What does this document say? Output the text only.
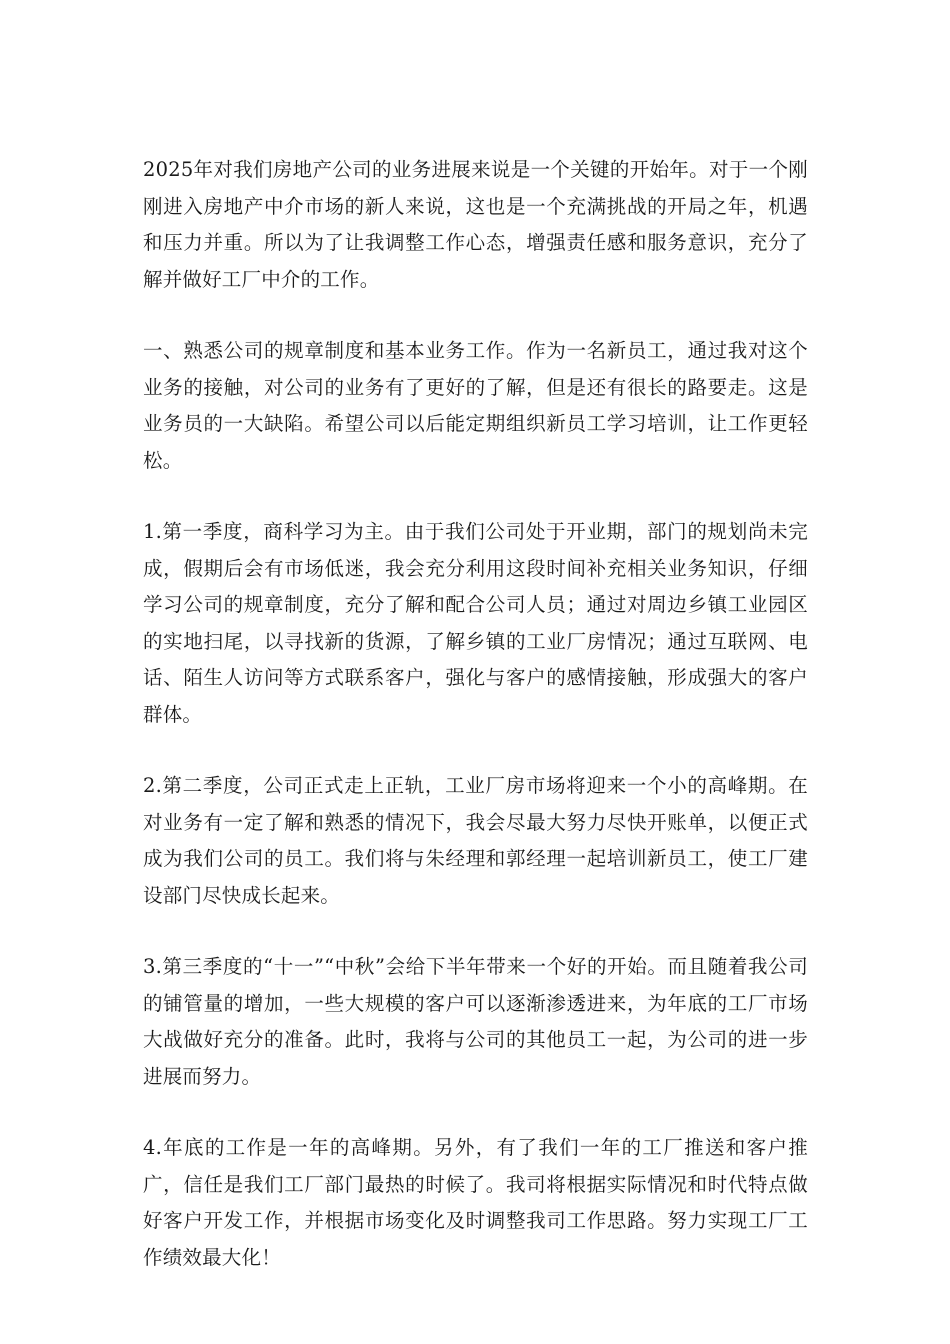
2025年对我们房地产公司的业务进展来说是一个关键的开始年。对于一个刚刚进入房地产中介市场的新人来说，这也是一个充满挑战的开局之年，机遇和压力并重。所以为了让我调整工作心态，增强责任感和服务意识，充分了解并做好工厂中介的工作。

一、熟悉公司的规章制度和基本业务工作。作为一名新员工，通过我对这个业务的接触，对公司的业务有了更好的了解，但是还有很长的路要走。这是业务员的一大缺陷。希望公司以后能定期组织新员工学习培训，让工作更轻松。

1.第一季度，商科学习为主。由于我们公司处于开业期，部门的规划尚未完成，假期后会有市场低迷，我会充分利用这段时间补充相关业务知识，仔细学习公司的规章制度，充分了解和配合公司人员；通过对周边乡镇工业园区的实地扫尾，以寻找新的货源，了解乡镇的工业厂房情况；通过互联网、电话、陌生人访问等方式联系客户，强化与客户的感情接触，形成强大的客户群体。

2.第二季度，公司正式走上正轨，工业厂房市场将迎来一个小的高峰期。在对业务有一定了解和熟悉的情况下，我会尽最大努力尽快开账单，以便正式成为我们公司的员工。我们将与朱经理和郭经理一起培训新员工，使工厂建设部门尽快成长起来。

3.第三季度的“十一”“中秋”会给下半年带来一个好的开始。而且随着我公司的铺管量的增加，一些大规模的客户可以逐渐渗透进来，为年底的工厂市场大战做好充分的准备。此时，我将与公司的其他员工一起，为公司的进一步进展而努力。

4.年底的工作是一年的高峰期。另外，有了我们一年的工厂推送和客户推广，信任是我们工厂部门最热的时候了。我司将根据实际情况和时代特点做好客户开发工作，并根据市场变化及时调整我司工作思路。努力实现工厂工作绩效最大化！
